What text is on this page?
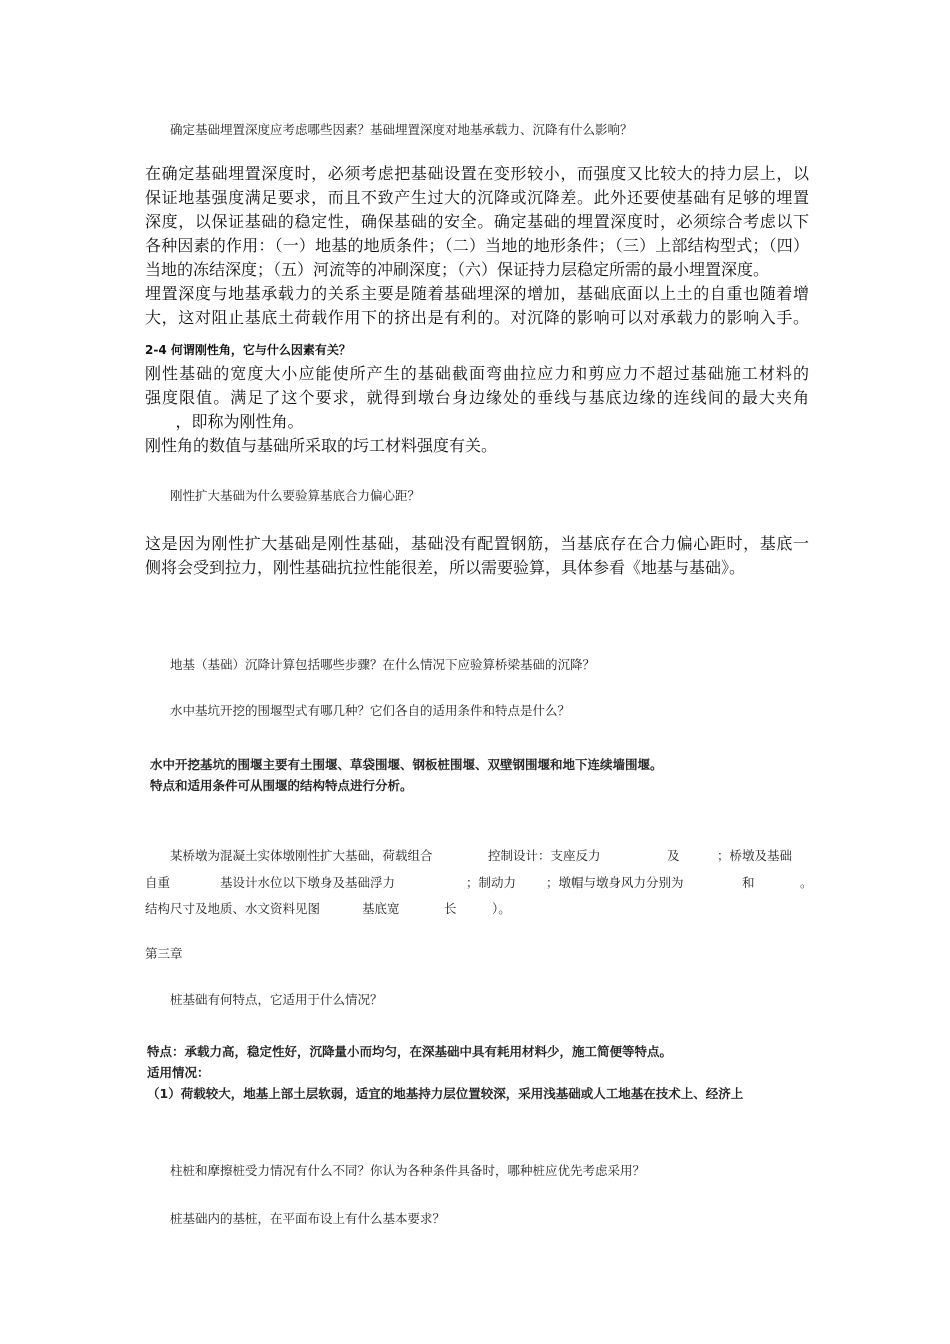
确定基础埋置深度应考虑哪些因素？基础埋置深度对地基承载力、沉降有什么影响？
在确定基础埋置深度时，必须考虑把基础设置在变形较小，而强度又比较大的持力层上，以
保证地基强度满足要求，而且不致产生过大的沉降或沉降差。此外还要使基础有足够的埋置
深度，以保证基础的稳定性，确保基础的安全。确定基础的埋置深度时，必须综合考虑以下
各种因素的作用：（一）地基的地质条件；（二）当地的地形条件；（三）上部结构型式；（四）
当地的冻结深度；（五）河流等的冲刷深度；（六）保证持力层稳定所需的最小埋置深度。
埋置深度与地基承载力的关系主要是随着基础埋深的增加，基础底面以上土的自重也随着增
大，这对阻止基底土荷载作用下的挤出是有利的。对沉降的影响可以对承载力的影响入手。
2-4 何谓刚性角，它与什么因素有关？
刚性基础的宽度大小应能使所产生的基础截面弯曲拉应力和剪应力不超过基础施工材料的
强度限值。满足了这个要求，就得到墩台身边缘处的垂线与基底边缘的连线间的最大夹角
，即称为刚性角。
刚性角的数值与基础所采取的圬工材料强度有关。
刚性扩大基础为什么要验算基底合力偏心距？
这是因为刚性扩大基础是刚性基础，基础没有配置钢筋，当基底存在合力偏心距时，基底一
侧将会受到拉力，刚性基础抗拉性能很差，所以需要验算，具体参看《地基与基础》。
地基（基础）沉降计算包括哪些步骤？在什么情况下应验算桥梁基础的沉降？
水中基坑开挖的围堰型式有哪几种？它们各自的适用条件和特点是什么？
水中开挖基坑的围堰主要有土围堰、草袋围堰、钢板桩围堰、双壁钢围堰和地下连续墙围堰。
特点和适用条件可从围堰的结构特点进行分析。
某桥墩为混凝土实体墩刚性扩大基础，荷载组合	控制设计：支座反力	及	；桥墩及基础
自重	基设计水位以下墩身及基础浮力	；制动力 ；墩帽与墩身风力分别为	和	。
结构尺寸及地质、水文资料见图	基底宽	长	）。
第三章
桩基础有何特点，它适用于什么情况？
特点：承载力高，稳定性好，沉降量小而均匀，在深基础中具有耗用材料少，施工简便等特点。
适用情况：
（1）荷载较大，地基上部土层软弱，适宜的地基持力层位置较深，采用浅基础或人工地基在技术上、经济上
柱桩和摩擦桩受力情况有什么不同？你认为各种条件具备时，哪种桩应优先考虑采用？
桩基础内的基桩，在平面布设上有什么基本要求？
